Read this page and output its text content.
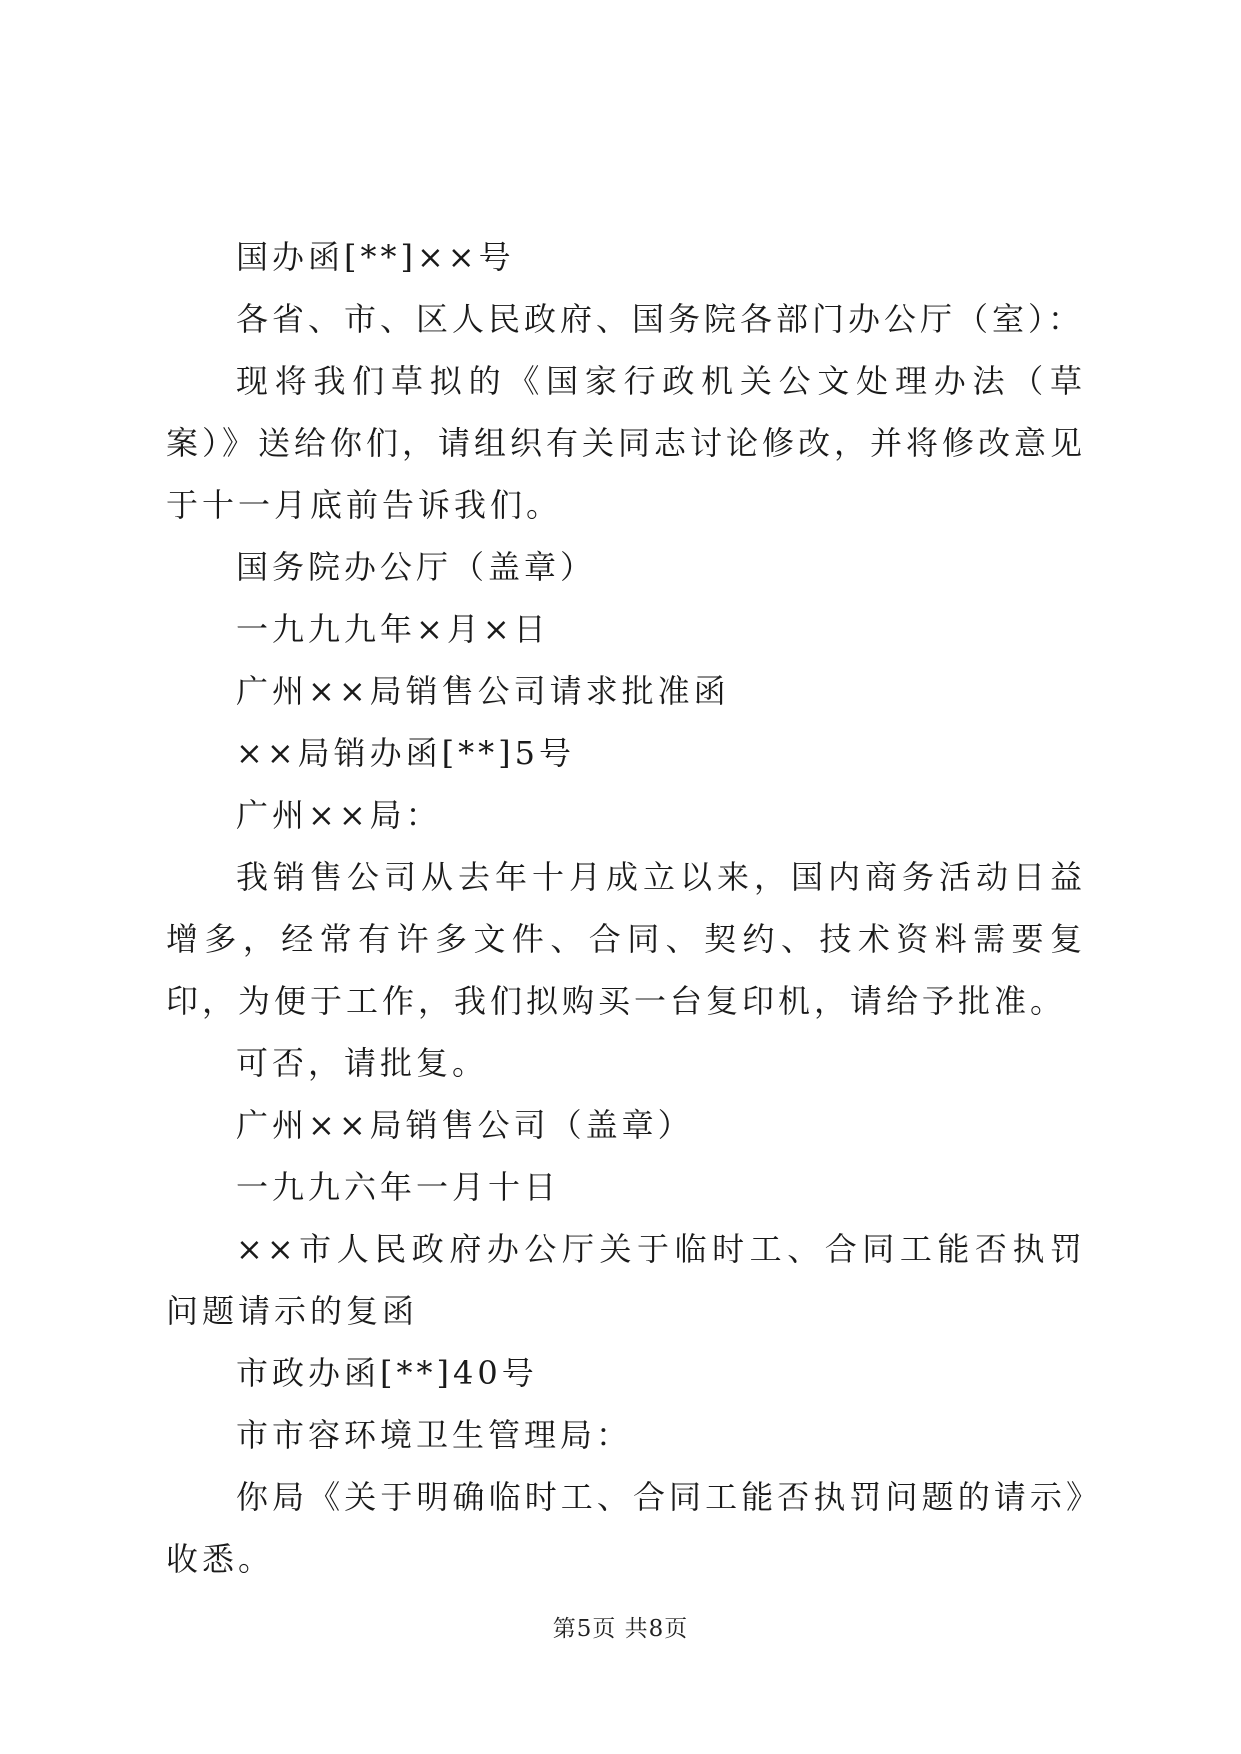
国办函[**]××号

各省、市、区人民政府、国务院各部门办公厅（室）：

现将我们草拟的《国家行政机关公文处理办法（草案）》送给你们，请组织有关同志讨论修改，并将修改意见于十一月底前告诉我们。

国务院办公厅（盖章）

一九九九年×月×日

广州××局销售公司请求批准函

××局销办函[**]5号

广州××局：

我销售公司从去年十月成立以来，国内商务活动日益增多，经常有许多文件、合同、契约、技术资料需要复印，为便于工作，我们拟购买一台复印机，请给予批准。

可否，请批复。

广州××局销售公司（盖章）

一九九六年一月十日

××市人民政府办公厅关于临时工、合同工能否执罚问题请示的复函

市政办函[**]40号

市市容环境卫生管理局：

你局《关于明确临时工、合同工能否执罚问题的请示》收悉。

第5页 共8页
